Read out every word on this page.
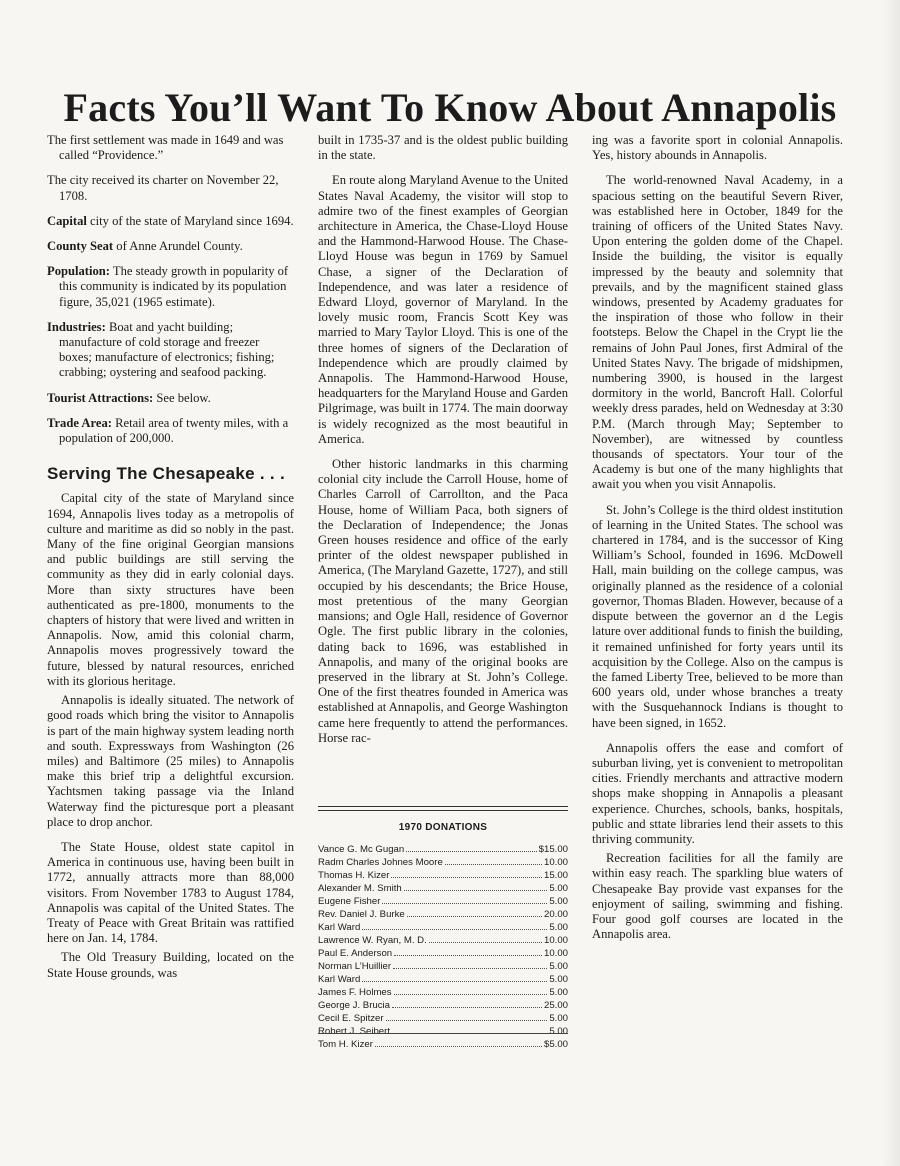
Facts You’ll Want To Know About Annapolis

The first settlement was made in 1649 and was called “Providence.”

The city received its charter on November 22, 1708.

Capital city of the state of Maryland since 1694.

County Seat of Anne Arundel County.

Population: The steady growth in popularity of this community is indicated by its population figure, 35,021 (1965 estimate).

Industries: Boat and yacht building; manufacture of cold storage and freezer boxes; manufacture of electronics; fishing; crabbing; oystering and seafood packing.

Tourist Attractions: See below.

Trade Area: Retail area of twenty miles, with a population of 200,000.

Serving The Chesapeake . . .

Capital city of the state of Maryland since 1694, Annapolis lives today as a metropolis of culture and maritime as did so nobly in the past. Many of the fine original Georgian mansions and public buildings are still serving the community as they did in early colonial days. More than sixty structures have been authenticated as pre-1800, monuments to the chapters of history that were lived and written in Annapolis. Now, amid this colonial charm, Annapolis moves progressively toward the future, blessed by natural resources, enriched with its glorious heritage.

Annapolis is ideally situated. The network of good roads which bring the visitor to Annapolis is part of the main highway system leading north and south. Expressways from Washington (26 miles) and Baltimore (25 miles) to Annapolis make this brief trip a delightful excursion. Yachtsmen taking passage via the Inland Waterway find the picturesque port a pleasant place to drop anchor.

The State House, oldest state capitol in America in continuous use, having been built in 1772, annually attracts more than 88,000 visitors. From November 1783 to August 1784, Annapolis was capital of the United States. The Treaty of Peace with Great Britain was rattified here on Jan. 14, 1784.

The Old Treasury Building, located on the State House grounds, was

built in 1735-37 and is the oldest public building in the state.

En route along Maryland Avenue to the United States Naval Academy, the visitor will stop to admire two of the finest examples of Georgian architecture in America, the Chase-Lloyd House and the Hammond-Harwood House. The Chase-Lloyd House was begun in 1769 by Samuel Chase, a signer of the Declaration of Independence, and was later a residence of Edward Lloyd, governor of Maryland. In the lovely music room, Francis Scott Key was married to Mary Taylor Lloyd. This is one of the three homes of signers of the Declaration of Independence which are proudly claimed by Annapolis. The Hammond-Harwood House, headquarters for the Maryland House and Garden Pilgrimage, was built in 1774. The main doorway is widely recognized as the most beautiful in America.

Other historic landmarks in this charming colonial city include the Carroll House, home of Charles Carroll of Carrollton, and the Paca House, home of William Paca, both signers of the Declaration of Independence; the Jonas Green houses residence and office of the early printer of the oldest newspaper published in America, (The Maryland Gazette, 1727), and still occupied by his descendants; the Brice House, most pretentious of the many Georgian mansions; and Ogle Hall, residence of Governor Ogle. The first public library in the colonies, dating back to 1696, was established in Annapolis, and many of the original books are preserved in the library at St. John’s College. One of the first theatres founded in America was established at Annapolis, and George Washington came here frequently to attend the performances. Horse rac-

1970 DONATIONS
Vance G. Mc Gugan	$15.00
Radm Charles Johnes Moore	10.00
Thomas H. Kizer	15.00
Alexander M. Smith	5.00
Eugene Fisher	5.00
Rev. Daniel J. Burke	20.00
Karl Ward	5.00
Lawrence W. Ryan, M. D.	10.00
Paul E. Anderson	10.00
Norman L’Huillier	5.00
Karl Ward	5.00
James F. Holmes	5.00
George J. Brucia	25.00
Cecil E. Spitzer	5.00
Robert J. Seibert	5.00
Tom H. Kizer	$5.00

ing was a favorite sport in colonial Annapolis. Yes, history abounds in Annapolis.

The world-renowned Naval Academy, in a spacious setting on the beautiful Severn River, was established here in October, 1849 for the training of officers of the United States Navy. Upon entering the golden dome of the Chapel. Inside the building, the visitor is equally impressed by the beauty and solemnity that prevails, and by the magnificent stained glass windows, presented by Academy graduates for the inspiration of those who follow in their footsteps. Below the Chapel in the Crypt lie the remains of John Paul Jones, first Admiral of the United States Navy. The brigade of midshipmen, numbering 3900, is housed in the largest dormitory in the world, Bancroft Hall. Colorful weekly dress parades, held on Wednesday at 3:30 P.M. (March through May; September to November), are witnessed by countless thousands of spectators. Your tour of the Academy is but one of the many highlights that await you when you visit Annapolis.

St. John’s College is the third oldest institution of learning in the United States. The school was chartered in 1784, and is the successor of King William’s School, founded in 1696. McDowell Hall, main building on the college campus, was originally planned as the residence of a colonial governor, Thomas Bladen. However, because of a dispute between the governor an d the Legis lature over additional funds to finish the building, it remained unfinished for forty years until its acquisition by the College. Also on the campus is the famed Liberty Tree, believed to be more than 600 years old, under whose branches a treaty with the Susquehannock Indians is thought to have been signed, in 1652.

Annapolis offers the ease and comfort of suburban living, yet is convenient to metropolitan cities. Friendly merchants and attractive modern shops make shopping in Annapolis a pleasant experience. Churches, schools, banks, hospitals, public and sttate libraries lend their assets to this thriving community.

Recreation facilities for all the family are within easy reach. The sparkling blue waters of Chesapeake Bay provide vast expanses for the enjoyment of sailing, swimming and fishing. Four good golf courses are located in the Annapolis area.
